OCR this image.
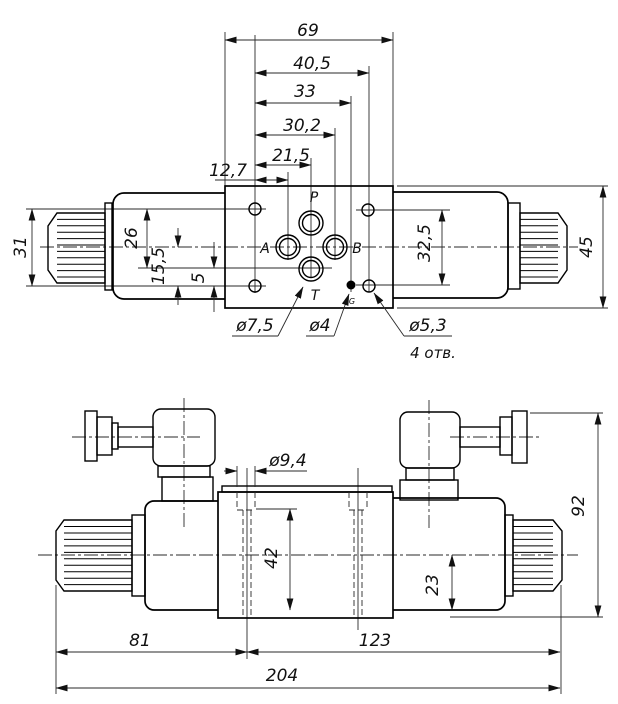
P
A	B
T	G
69
40,5
33
30,2
21,5
12,7
31	26
15,5 5
32,5	45
ø7,5 ø4	ø5,3
4 отв.
ø9,4
42
23
92
81	123
204
